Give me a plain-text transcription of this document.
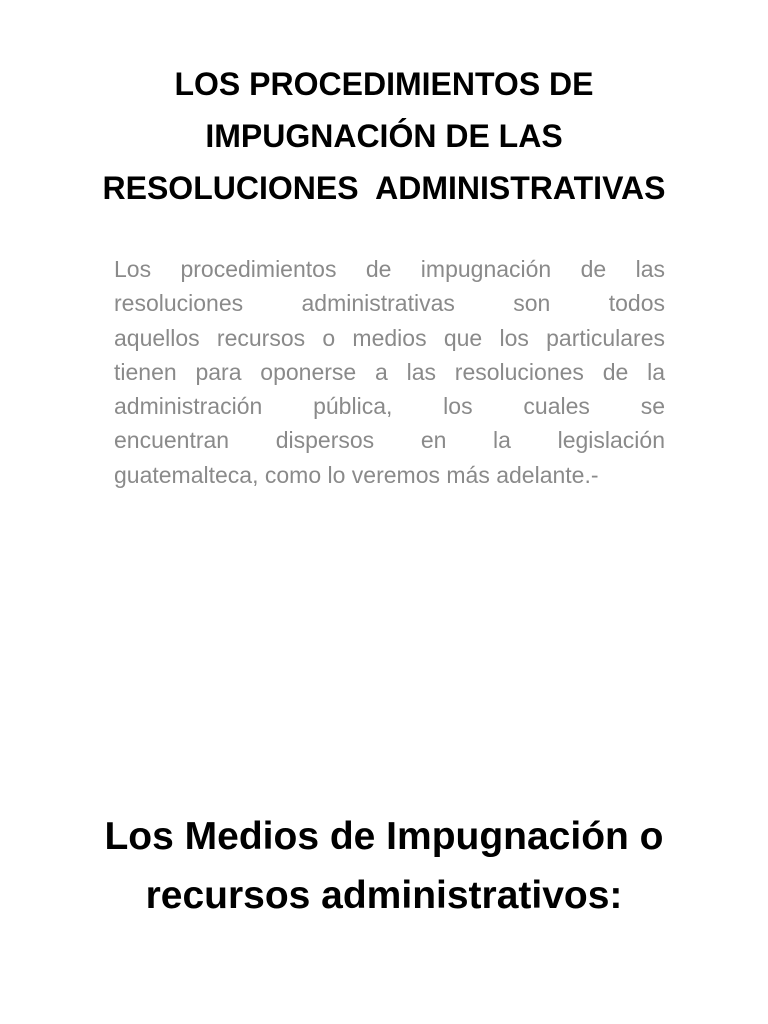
LOS PROCEDIMIENTOS DE
IMPUGNACIÓN DE LAS
RESOLUCIONES  ADMINISTRATIVAS
Los procedimientos de impugnación de las
resoluciones administrativas son todos
aquellos recursos o medios que los particulares
tienen para oponerse a las resoluciones de la
administración pública, los cuales se
encuentran dispersos en la legislación
guatemalteca, como lo veremos más adelante.-
Los Medios de Impugnación o
recursos administrativos:
